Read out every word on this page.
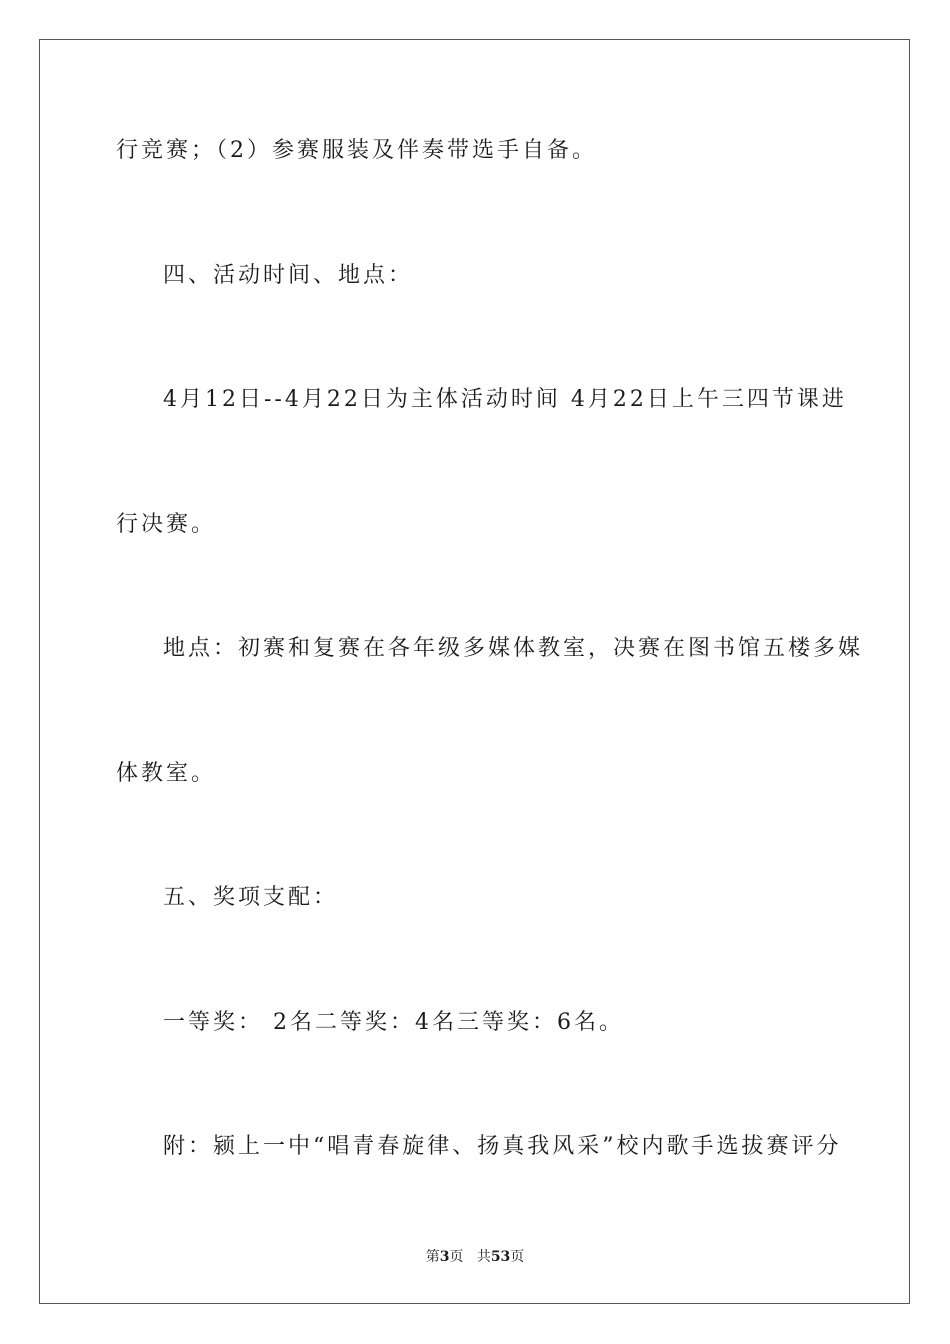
行竞赛；（2）参赛服装及伴奏带选手自备。
四、活动时间、地点：
4月12日--4月22日为主体活动时间 4月22日上午三四节课进
行决赛。
地点：初赛和复赛在各年级多媒体教室，决赛在图书馆五楼多媒
体教室。
五、奖项支配：
一等奖： 2名二等奖：4名三等奖：6名。
附：颍上一中“唱青春旋律、扬真我风采”校内歌手选拔赛评分
第3页 共53页
